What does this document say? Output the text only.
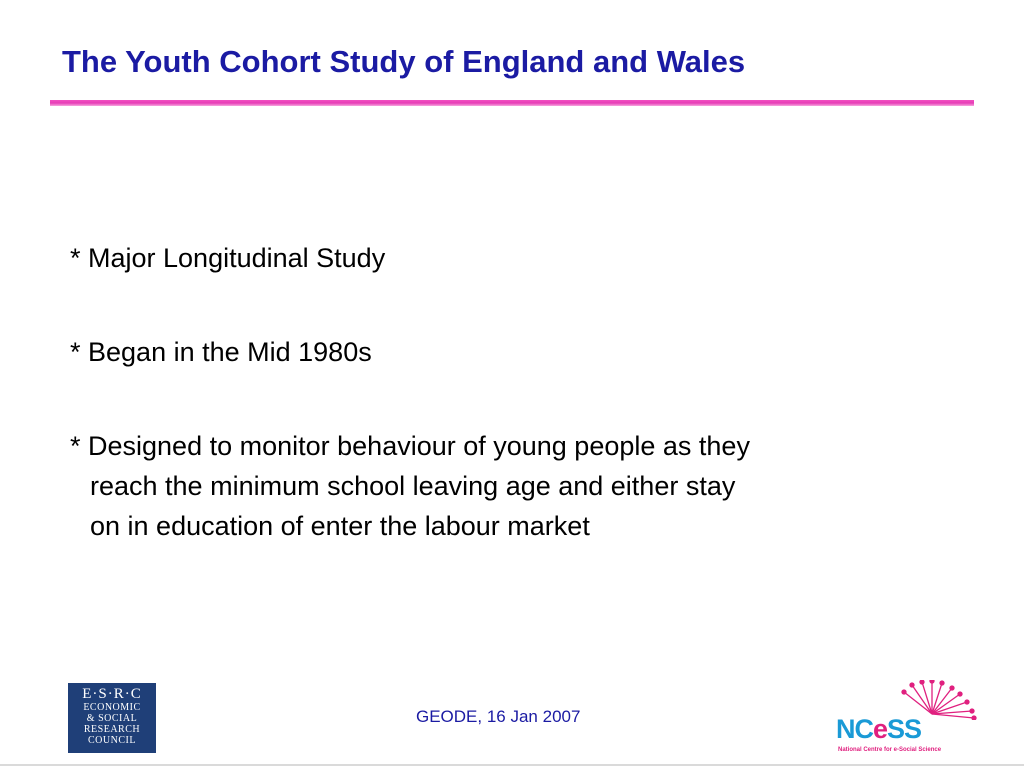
The Youth Cohort Study of England and Wales

* Major Longitudinal Study

* Began in the Mid 1980s

* Designed to monitor behaviour of young people as they
reach the minimum school leaving age and either stay
on in education of enter the labour market

E·S·R·C
ECONOMIC
& SOCIAL
RESEARCH
COUNCIL
GEODE, 16 Jan 2007	NCeSS
National Centre for e-Social Science
